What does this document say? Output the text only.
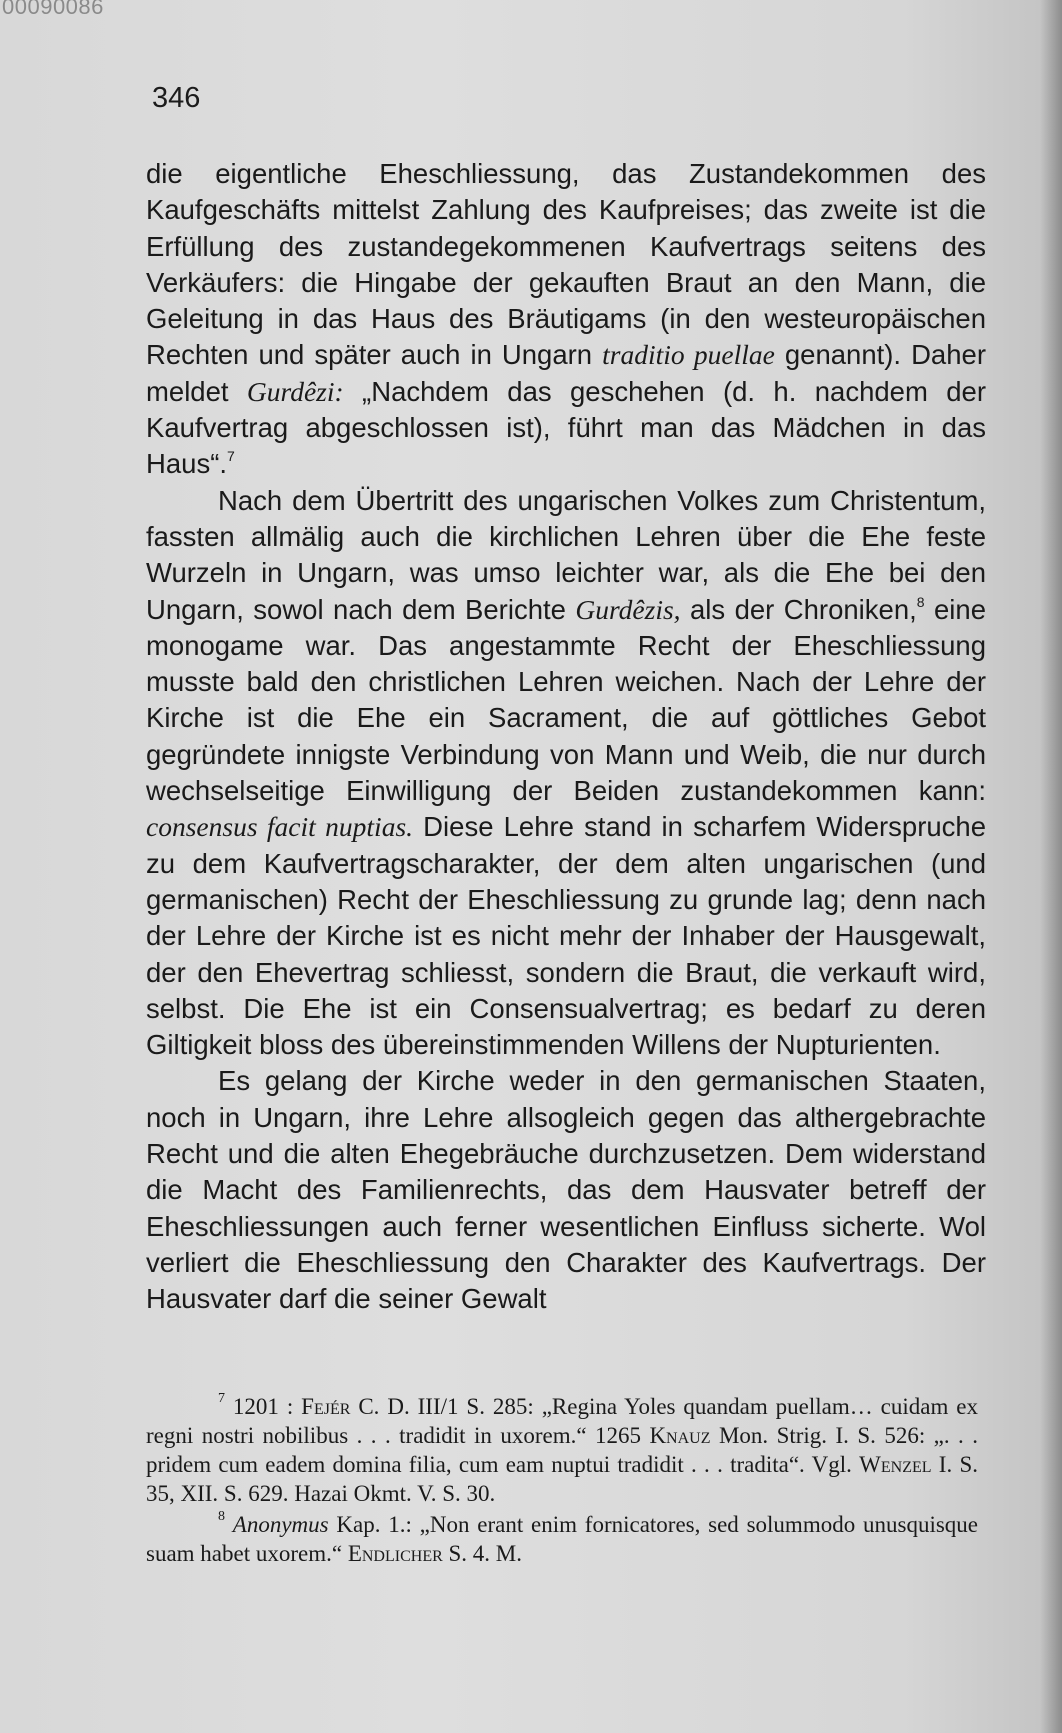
00090086
346

die eigentliche Eheschliessung, das Zustandekommen des Kaufgeschäfts mittelst Zahlung des Kaufpreises; das zweite ist die Erfüllung des zustandegekommenen Kaufvertrags seitens des Verkäufers: die Hingabe der gekauften Braut an den Mann, die Geleitung in das Haus des Bräutigams (in den westeuropäischen Rechten und später auch in Ungarn traditio puellae genannt). Daher meldet Gurdêzi: „Nachdem das geschehen (d. h. nachdem der Kaufvertrag abgeschlossen ist), führt man das Mädchen in das Haus“.$^7$

Nach dem Übertritt des ungarischen Volkes zum Christentum, fassten allmälig auch die kirchlichen Lehren über die Ehe feste Wurzeln in Ungarn, was umso leichter war, als die Ehe bei den Ungarn, sowol nach dem Berichte Gurdêzis, als der Chroniken,$^8$ eine monogame war. Das angestammte Recht der Eheschliessung musste bald den christlichen Lehren weichen. Nach der Lehre der Kirche ist die Ehe ein Sacrament, die auf göttliches Gebot gegründete innigste Verbindung von Mann und Weib, die nur durch wechselseitige Einwilligung der Beiden zustandekommen kann: consensus facit nuptias. Diese Lehre stand in scharfem Widerspruche zu dem Kaufvertragscharakter, der dem alten ungarischen (und germanischen) Recht der Eheschliessung zu grunde lag; denn nach der Lehre der Kirche ist es nicht mehr der Inhaber der Hausgewalt, der den Ehevertrag schliesst, sondern die Braut, die verkauft wird, selbst. Die Ehe ist ein Consensualvertrag; es bedarf zu deren Giltigkeit bloss des übereinstimmenden Willens der Nupturienten.

Es gelang der Kirche weder in den germanischen Staaten, noch in Ungarn, ihre Lehre allsogleich gegen das althergebrachte Recht und die alten Ehegebräuche durchzusetzen. Dem widerstand die Macht des Familienrechts, das dem Hausvater betreff der Eheschliessungen auch ferner wesentlichen Einfluss sicherte. Wol verliert die Eheschliessung den Charakter des Kaufvertrags. Der Hausvater darf die seiner Gewalt

$^7$ 1201 : Fejér C. D. III/1 S. 285: „Regina Yoles quandam puellam… cuidam ex regni nostri nobilibus . . . tradidit in uxorem.“ 1265 Knauz Mon. Strig. I. S. 526: „. . . pridem cum eadem domina filia, cum eam nuptui tradidit . . . tradita“. Vgl. Wenzel I. S. 35, XII. S. 629. Hazai Okmt. V. S. 30.

$^8$ Anonymus Kap. 1.: „Non erant enim fornicatores, sed solummodo unusquisque suam habet uxorem.“ Endlicher S. 4. M.
